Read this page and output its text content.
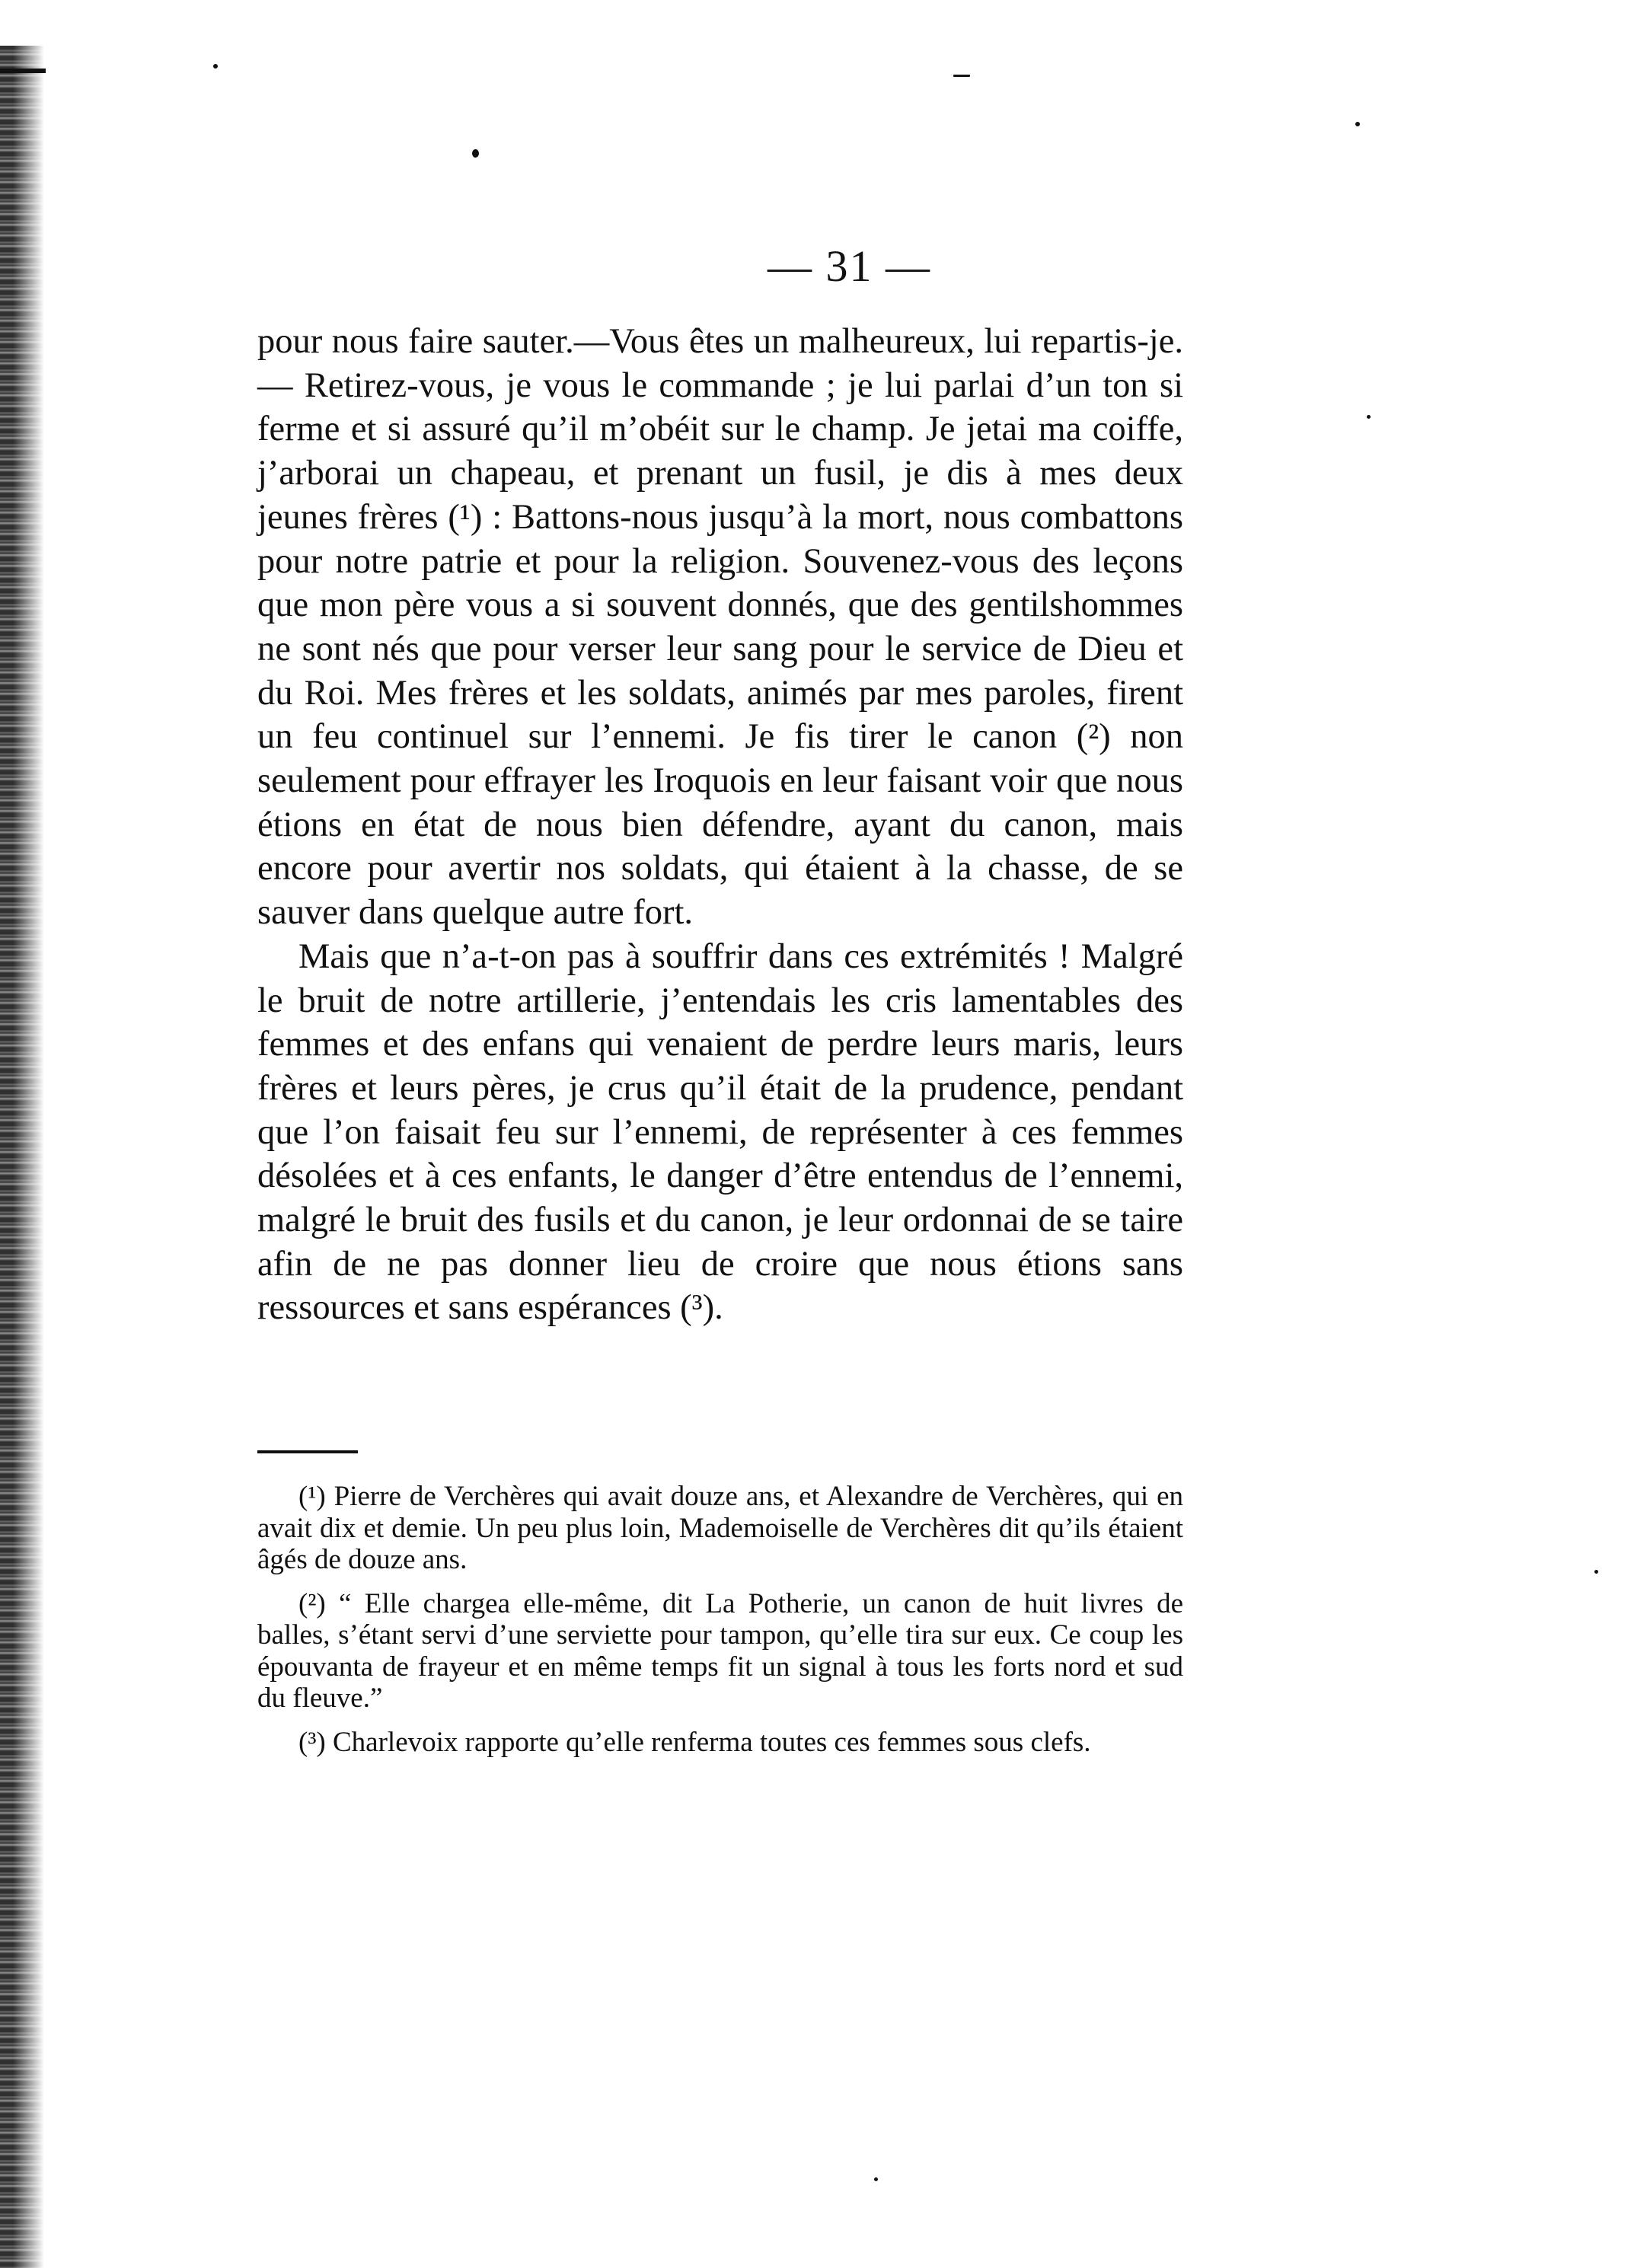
— 31 —

pour nous faire sauter.—Vous êtes un malheureux, lui repartis-je.— Retirez-vous, je vous le commande ; je lui parlai d’un ton si ferme et si assuré qu’il m’obéit sur le champ. Je jetai ma coiffe, j’arborai un chapeau, et prenant un fusil, je dis à mes deux jeunes frères (¹) : Battons-nous jusqu’à la mort, nous combattons pour notre patrie et pour la religion. Souvenez-vous des leçons que mon père vous a si souvent donnés, que des gentilshommes ne sont nés que pour verser leur sang pour le service de Dieu et du Roi. Mes frères et les soldats, animés par mes paroles, firent un feu continuel sur l’ennemi. Je fis tirer le canon (²) non seulement pour effrayer les Iroquois en leur faisant voir que nous étions en état de nous bien défendre, ayant du canon, mais encore pour avertir nos soldats, qui étaient à la chasse, de se sauver dans quelque autre fort.

Mais que n’a-t-on pas à souffrir dans ces extrémités ! Malgré le bruit de notre artillerie, j’entendais les cris lamentables des femmes et des enfans qui venaient de perdre leurs maris, leurs frères et leurs pères, je crus qu’il était de la prudence, pendant que l’on faisait feu sur l’ennemi, de représenter à ces femmes désolées et à ces enfants, le danger d’être entendus de l’ennemi, malgré le bruit des fusils et du canon, je leur ordonnai de se taire afin de ne pas donner lieu de croire que nous étions sans ressources et sans espérances (³).

(¹) Pierre de Verchères qui avait douze ans, et Alexandre de Verchères, qui en avait dix et demie. Un peu plus loin, Mademoiselle de Verchères dit qu’ils étaient âgés de douze ans.

(²) “ Elle chargea elle-même, dit La Potherie, un canon de huit livres de balles, s’étant servi d’une serviette pour tampon, qu’elle tira sur eux. Ce coup les épouvanta de frayeur et en même temps fit un signal à tous les forts nord et sud du fleuve.”

(³) Charlevoix rapporte qu’elle renferma toutes ces femmes sous clefs.
